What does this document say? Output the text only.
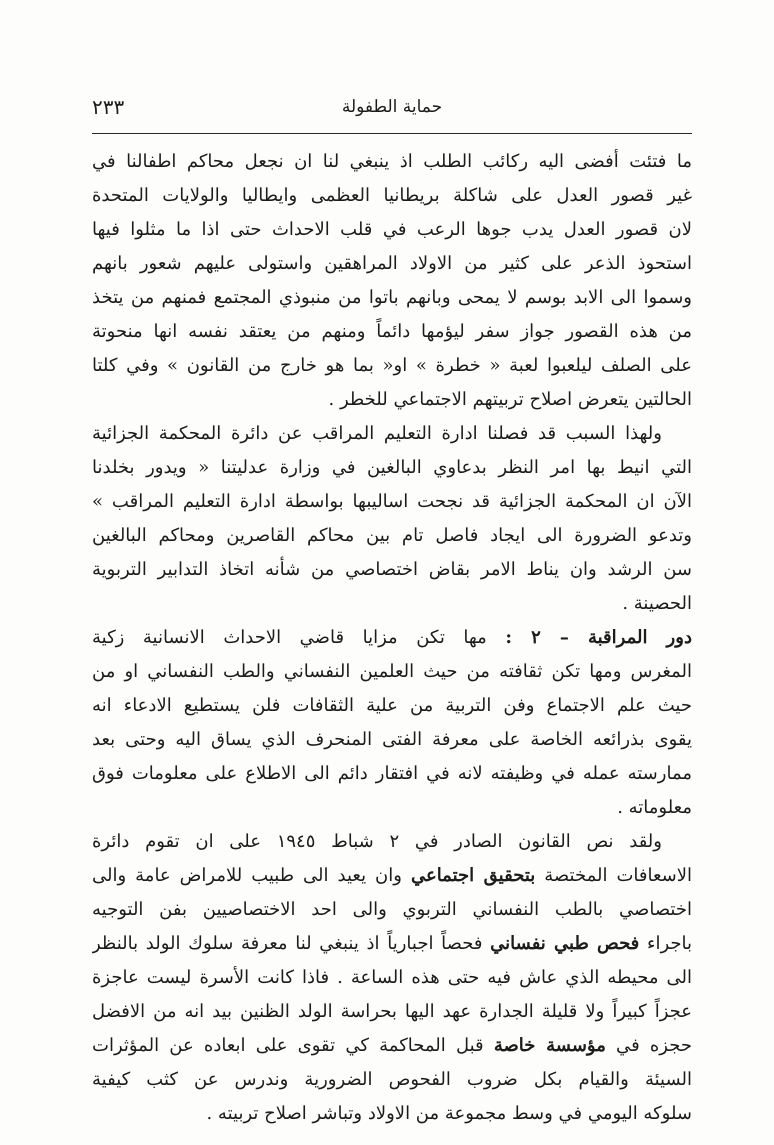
حماية الطفولة
٢٣٣
ما فتئت أفضى اليه ركائب الطلب اذ ينبغي لنا ان نجعل محاكم اطفالنا في
غير قصور العدل على شاكلة بريطانيا العظمى وايطاليا والولايات المتحدة
لان قصور العدل يدب جوها الرعب في قلب الاحداث حتى اذا ما مثلوا فيها
استحوذ الذعر على كثير من الاولاد المراهقين واستولى عليهم شعور بانهم
وسموا الى الابد بوسم لا يمحى وبانهم باتوا من منبوذي المجتمع فمنهم من يتخذ
من هذه القصور جواز سفر ليؤمها دائماً ومنهم من يعتقد نفسه انها منحوتة
على الصلف ليلعبوا لعبة « خطرة » او« بما هو خارج من القانون » وفي كلتا
الحالتين يتعرض اصلاح تربيتهم الاجتماعي للخطر .
ولهذا السبب قد فصلنا ادارة التعليم المراقب عن دائرة المحكمة الجزائية
التي انيط بها امر النظر بدعاوي البالغين في وزارة عدليتنا « ويدور بخلدنا
الآن ان المحكمة الجزائية قد نجحت اساليبها بواسطة ادارة التعليم المراقب »
وتدعو الضرورة الى ايجاد فاصل تام بين محاكم القاصرين ومحاكم البالغين
سن الرشد وان يناط الامر بقاض اختصاصي من شأنه اتخاذ التدابير التربوية
الحصينة .
دور المراقبة – ٢ : مها تكن مزايا قاضي الاحداث الانسانية زكية
المغرس ومها تكن ثقافته من حيث العلمين النفساني والطب النفساني او من
حيث علم الاجتماع وفن التربية من علية الثقافات فلن يستطيع الادعاء انه
يقوى بذرائعه الخاصة على معرفة الفتى المنحرف الذي يساق اليه وحتى بعد
ممارسته عمله في وظيفته لانه في افتقار دائم الى الاطلاع على معلومات فوق
معلوماته .
ولقد نص القانون الصادر في ٢ شباط ١٩٤٥ على ان تقوم دائرة
الاسعافات المختصة بتحقيق اجتماعي وان يعيد الى طبيب للامراض عامة والى
اختصاصي بالطب النفساني التربوي والى احد الاختصاصيين بفن التوجيه
باجراء فحص طبي نفساني فحصاً اجبارياً اذ ينبغي لنا معرفة سلوك الولد بالنظر
الى محيطه الذي عاش فيه حتى هذه الساعة . فاذا كانت الأسرة ليست عاجزة
عجزاً كبيراً ولا قليلة الجدارة عهد اليها بحراسة الولد الظنين بيد انه من الافضل
حجزه في مؤسسة خاصة قبل المحاكمة كي تقوى على ابعاده عن المؤثرات
السيئة والقيام بكل ضروب الفحوص الضرورية وندرس عن كثب كيفية
سلوكه اليومي في وسط مجموعة من الاولاد وتباشر اصلاح تربيته .
